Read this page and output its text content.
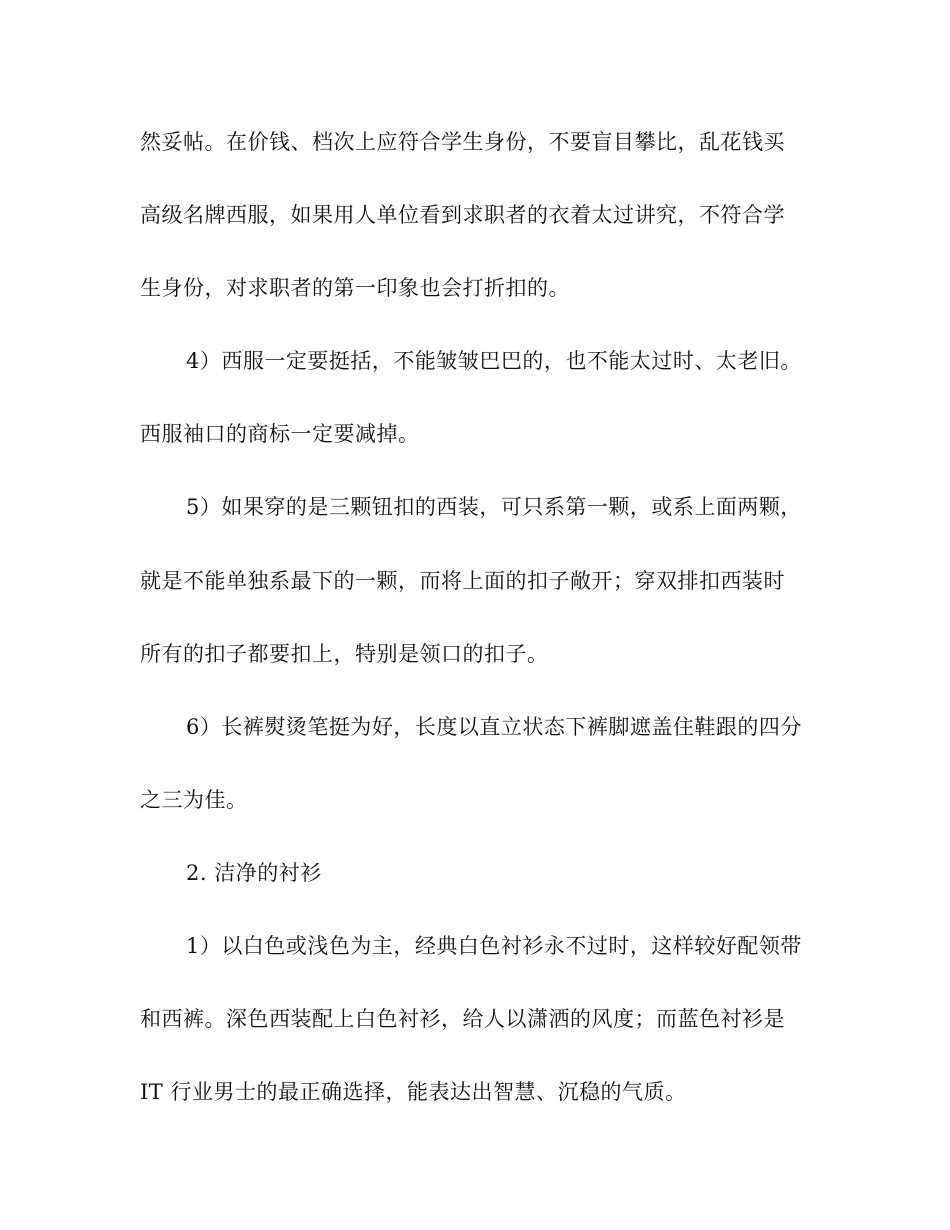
然妥帖。在价钱、档次上应符合学生身份，不要盲目攀比，乱花钱买
高级名牌西服，如果用人单位看到求职者的衣着太过讲究，不符合学
生身份，对求职者的第一印象也会打折扣的。
4）西服一定要挺括，不能皱皱巴巴的，也不能太过时、太老旧。
西服袖口的商标一定要减掉。
5）如果穿的是三颗钮扣的西装，可只系第一颗，或系上面两颗，
就是不能单独系最下的一颗，而将上面的扣子敞开；穿双排扣西装时
所有的扣子都要扣上，特别是领口的扣子。
6）长裤熨烫笔挺为好，长度以直立状态下裤脚遮盖住鞋跟的四分
之三为佳。
2. 洁净的衬衫
1）以白色或浅色为主，经典白色衬衫永不过时，这样较好配领带
和西裤。深色西装配上白色衬衫，给人以潇洒的风度；而蓝色衬衫是
IT 行业男士的最正确选择，能表达出智慧、沉稳的气质。
